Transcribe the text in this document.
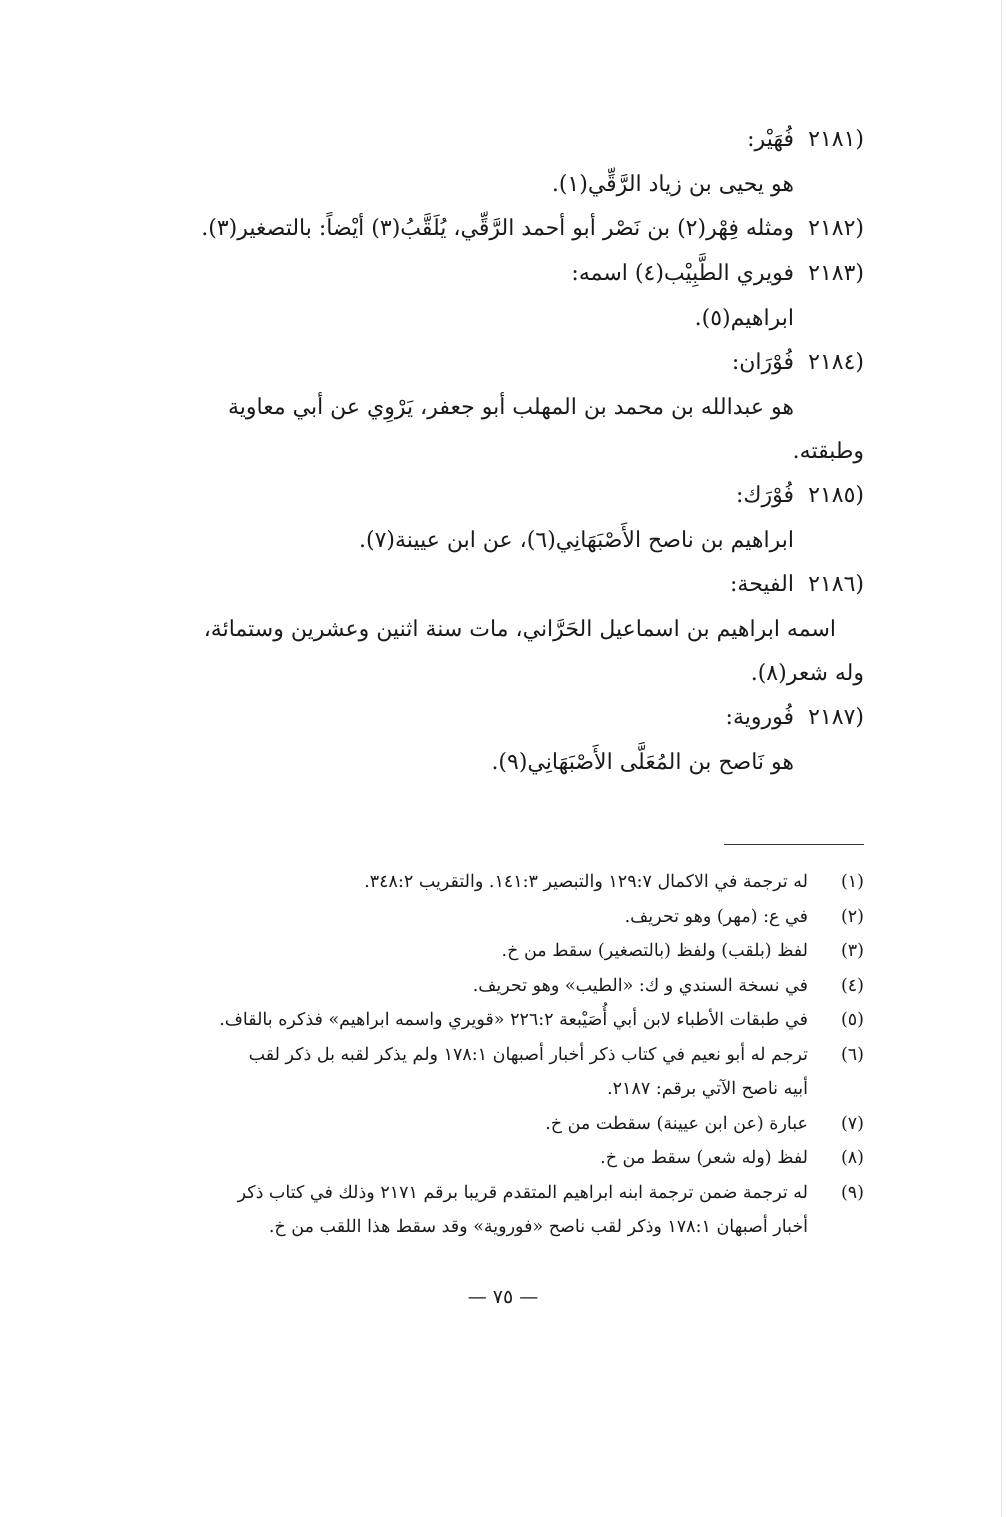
(٢١٨١فُهَيْر:
هو يحيى بن زياد الرَّقِّي(١).
(٢١٨٢ومثله فِهْر(٢) بن نَصْر أبو أحمد الرَّقِّي، يُلَقَّبُ(٣) أيْضاً: بالتصغير(٣).
(٢١٨٣فويري الطَّبِيْب(٤) اسمه:
ابراهيم(٥).
(٢١٨٤فُوْرَان:
هو عبدالله بن محمد بن المهلب أبو جعفر، يَرْوِي عن أبي معاوية
وطبقته.
(٢١٨٥فُوْرَك:
ابراهيم بن ناصح الأَصْبَهَانِي(٦)، عن ابن عيينة(٧).
(٢١٨٦الفيحة:
اسمه ابراهيم بن اسماعيل الحَرَّاني، مات سنة اثنين وعشرين وستمائة،
وله شعر(٨).
(٢١٨٧فُوروية:
هو نَاصح بن المُعَلَّى الأَصْبَهَانِي(٩).
(١)
له ترجمة في الاكمال ١٢٩:٧ والتبصير ١٤١:٣. والتقريب ٣٤٨:٢.
(٢)
في ع: (مهر) وهو تحريف.
(٣)
لفظ (بلقب) ولفظ (بالتصغير) سقط من خ.
(٤)
في نسخة السندي و ك: «الطيب» وهو تحريف.
(٥)
في طبقات الأطباء لابن أبي أُصَيْبعة ٢٢٦:٢ «قويري واسمه ابراهيم» فذكره بالقاف.
(٦)
ترجم له أبو نعيم في كتاب ذكر أخبار أصبهان ١٧٨:١ ولم يذكر لقبه بل ذكر لقب
أبيه ناصح الآتي برقم: ٢١٨٧.
(٧)
عبارة (عن ابن عيينة) سقطت من خ.
(٨)
لفظ (وله شعر) سقط من خ.
(٩)
له ترجمة ضمن ترجمة ابنه ابراهيم المتقدم قريبا برقم ٢١٧١ وذلك في كتاب ذكر
أخبار أصبهان ١٧٨:١ وذكر لقب ناصح «فوروية» وقد سقط هذا اللقب من خ.
— ٧٥ —
